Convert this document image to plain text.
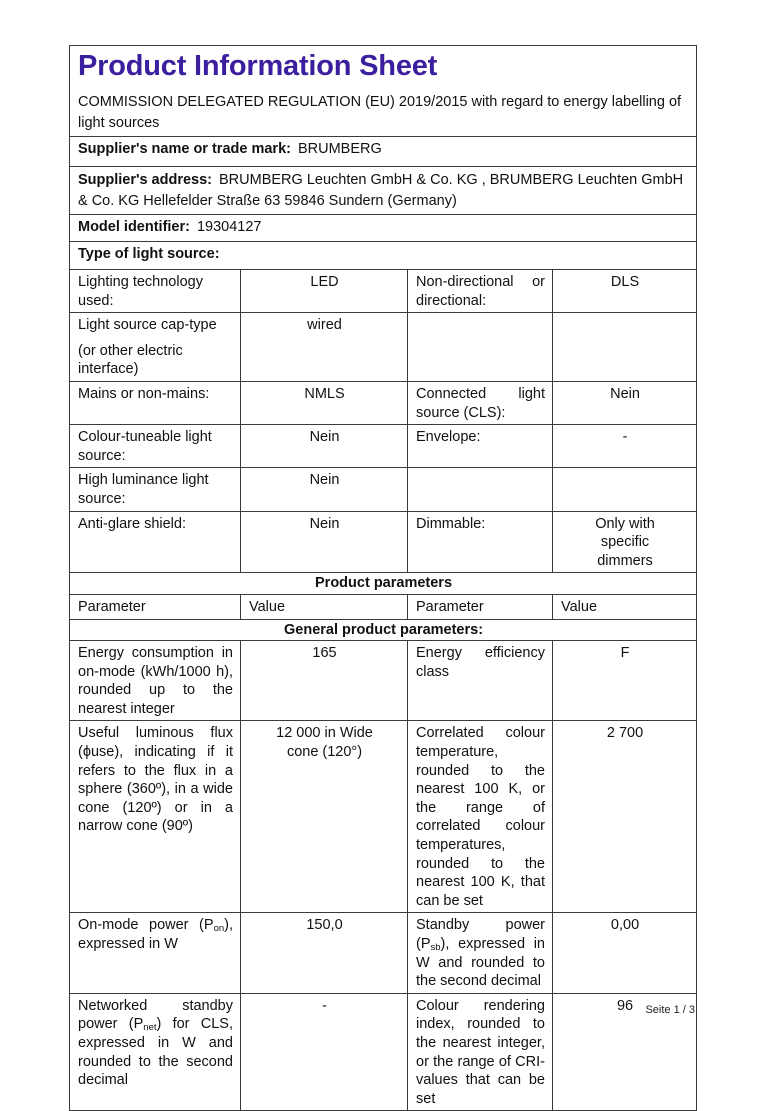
Product Information Sheet

COMMISSION DELEGATED REGULATION (EU) 2019/2015 with regard to energy labelling of light sources

Supplier's name or trade mark: BRUMBERG			

Supplier's address: BRUMBERG Leuchten GmbH & Co. KG , BRUMBERG Leuchten GmbH & Co. KG Hellefelder Straße 63 59846 Sundern (Germany)			

Model identifier: 19304127			
Type of light source:			
Lighting technology used:	LED	Non-directional or directional:	DLS

Light source cap-type
(or other electric interface)	wired		
Mains or non-mains:	NMLS	Connected light source (CLS):	Nein
Colour-tuneable light source:	Nein	Envelope:	-
High luminance light source:	Nein		
Anti-glare shield:	Nein	Dimmable:	Only with specific dimmers

Product parameters			
Parameter	Value	Parameter	Value
General product parameters:			
Energy consumption in on-mode (kWh/1000 h), rounded up to the nearest integer	165	Energy efficiency class	F
Useful luminous flux (ϕuse), indicating if it refers to the flux in a sphere (360º), in a wide cone (120º) or in a narrow cone (90º)	12 000 in Wide cone (120°)	Correlated colour temperature, rounded to the nearest 100 K, or the range of correlated colour temperatures, rounded to the nearest 100 K, that can be set	2 700
On-mode power $(P_{on})$, expressed in W	150,0	Standby power $(P_{sb})$, expressed in W and rounded to the second decimal	0,00
Networked standby power $(P_{net})$ for CLS, expressed in W and rounded to the second decimal	-	Colour rendering index, rounded to the nearest integer, or the range of CRI-values that can be set	96 Seite 1 / 3
